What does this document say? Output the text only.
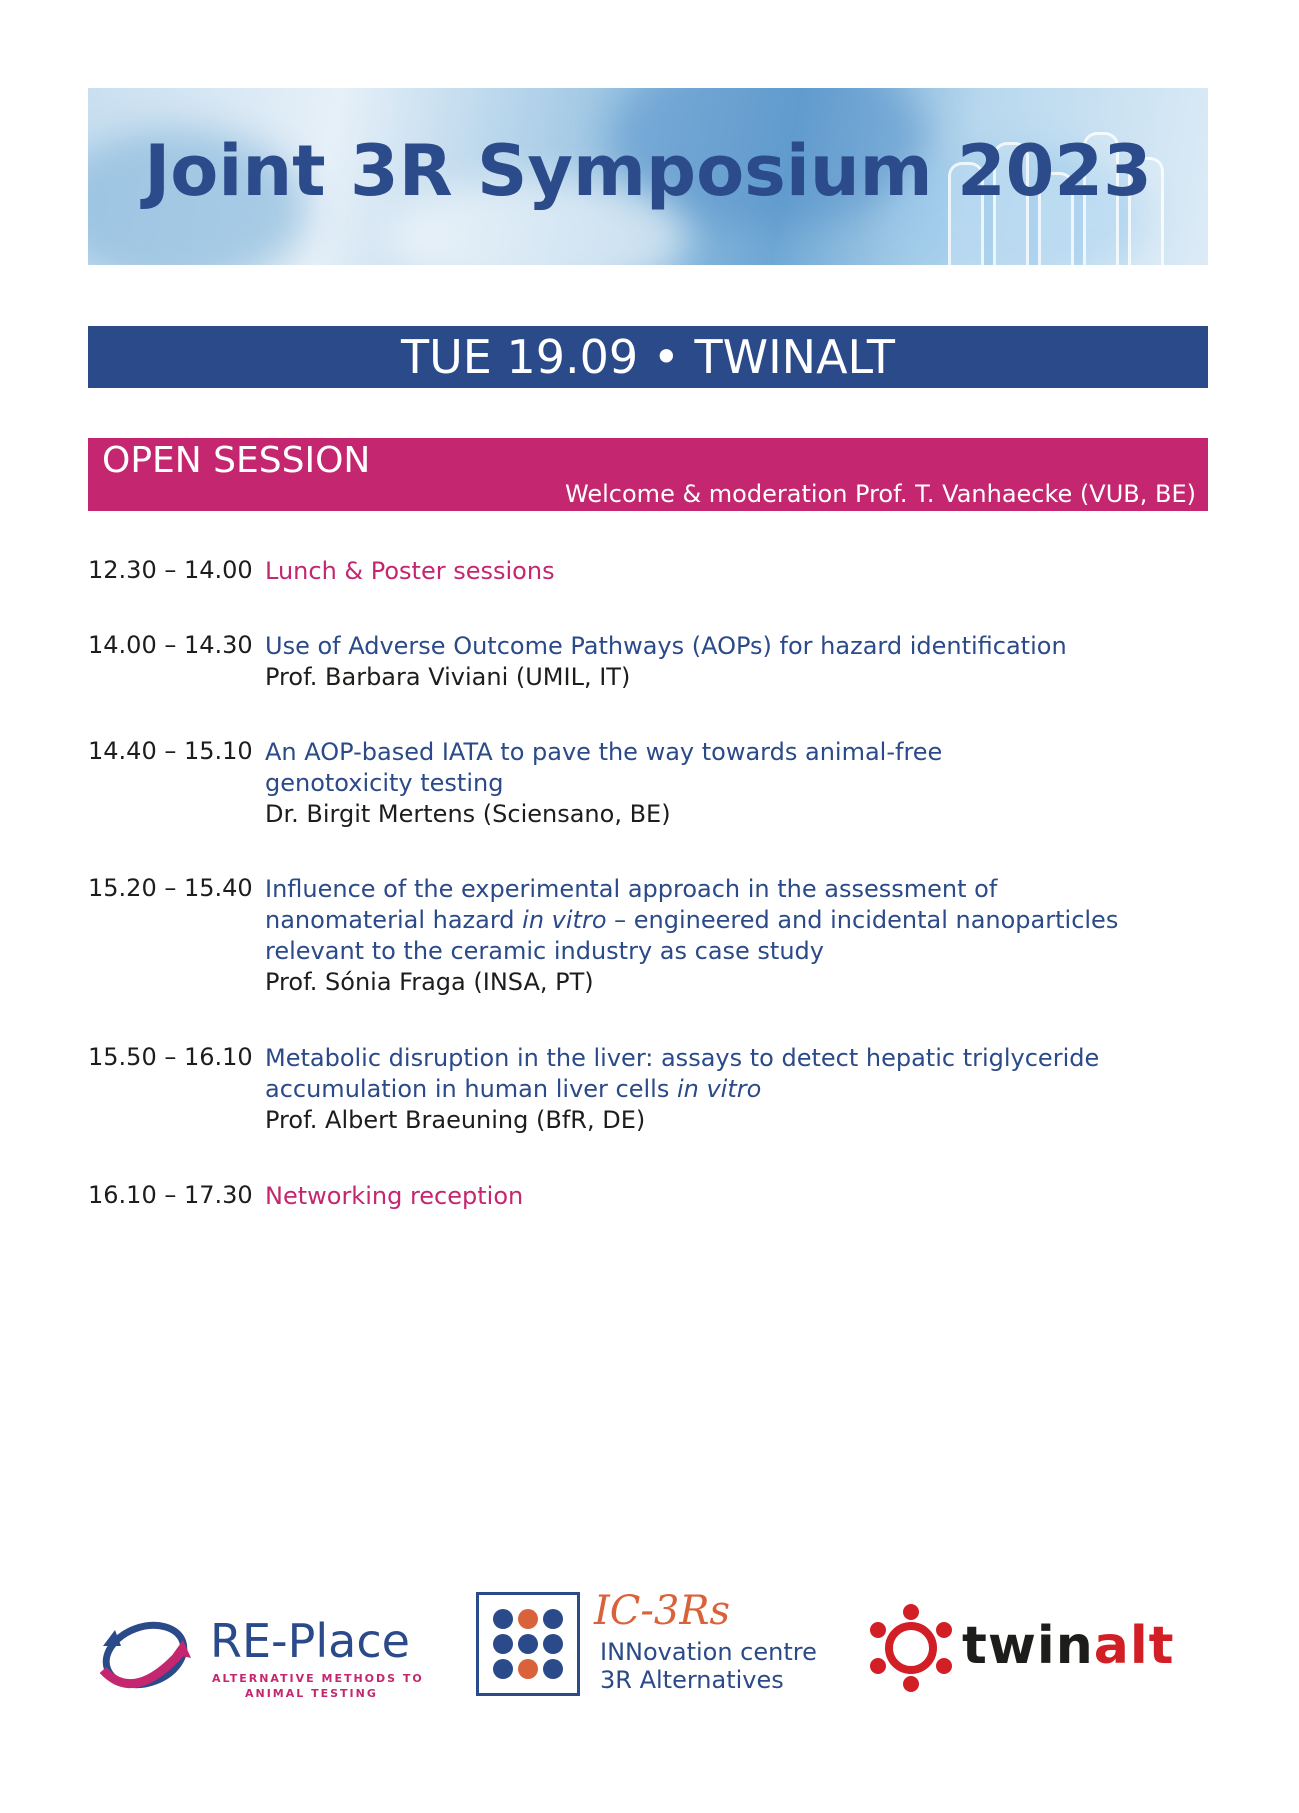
Joint 3R Symposium 2023
TUE 19.09 • TWINALT
OPEN SESSION
Welcome & moderation Prof. T. Vanhaecke (VUB, BE)
12.30 – 14.00 Lunch & Poster sessions
14.00 – 14.30 Use of Adverse Outcome Pathways (AOPs) for hazard identification
Prof. Barbara Viviani (UMIL, IT)
14.40 – 15.10 An AOP-based IATA to pave the way towards animal-free
genotoxicity testing
Dr. Birgit Mertens (Sciensano, BE)
15.20 – 15.40 Influence of the experimental approach in the assessment of
nanomaterial hazard in vitro – engineered and incidental nanoparticles
relevant to the ceramic industry as case study
Prof. Sónia Fraga (INSA, PT)
15.50 – 16.10 Metabolic disruption in the liver: assays to detect hepatic triglyceride
accumulation in human liver cells in vitro
Prof. Albert Braeuning (BfR, DE)
16.10 – 17.30 Networking reception
RE-Place
ALTERNATIVE METHODS TO
ANIMAL TESTING
IC-3Rs
INNovation centre
3R Alternatives
twinalt
